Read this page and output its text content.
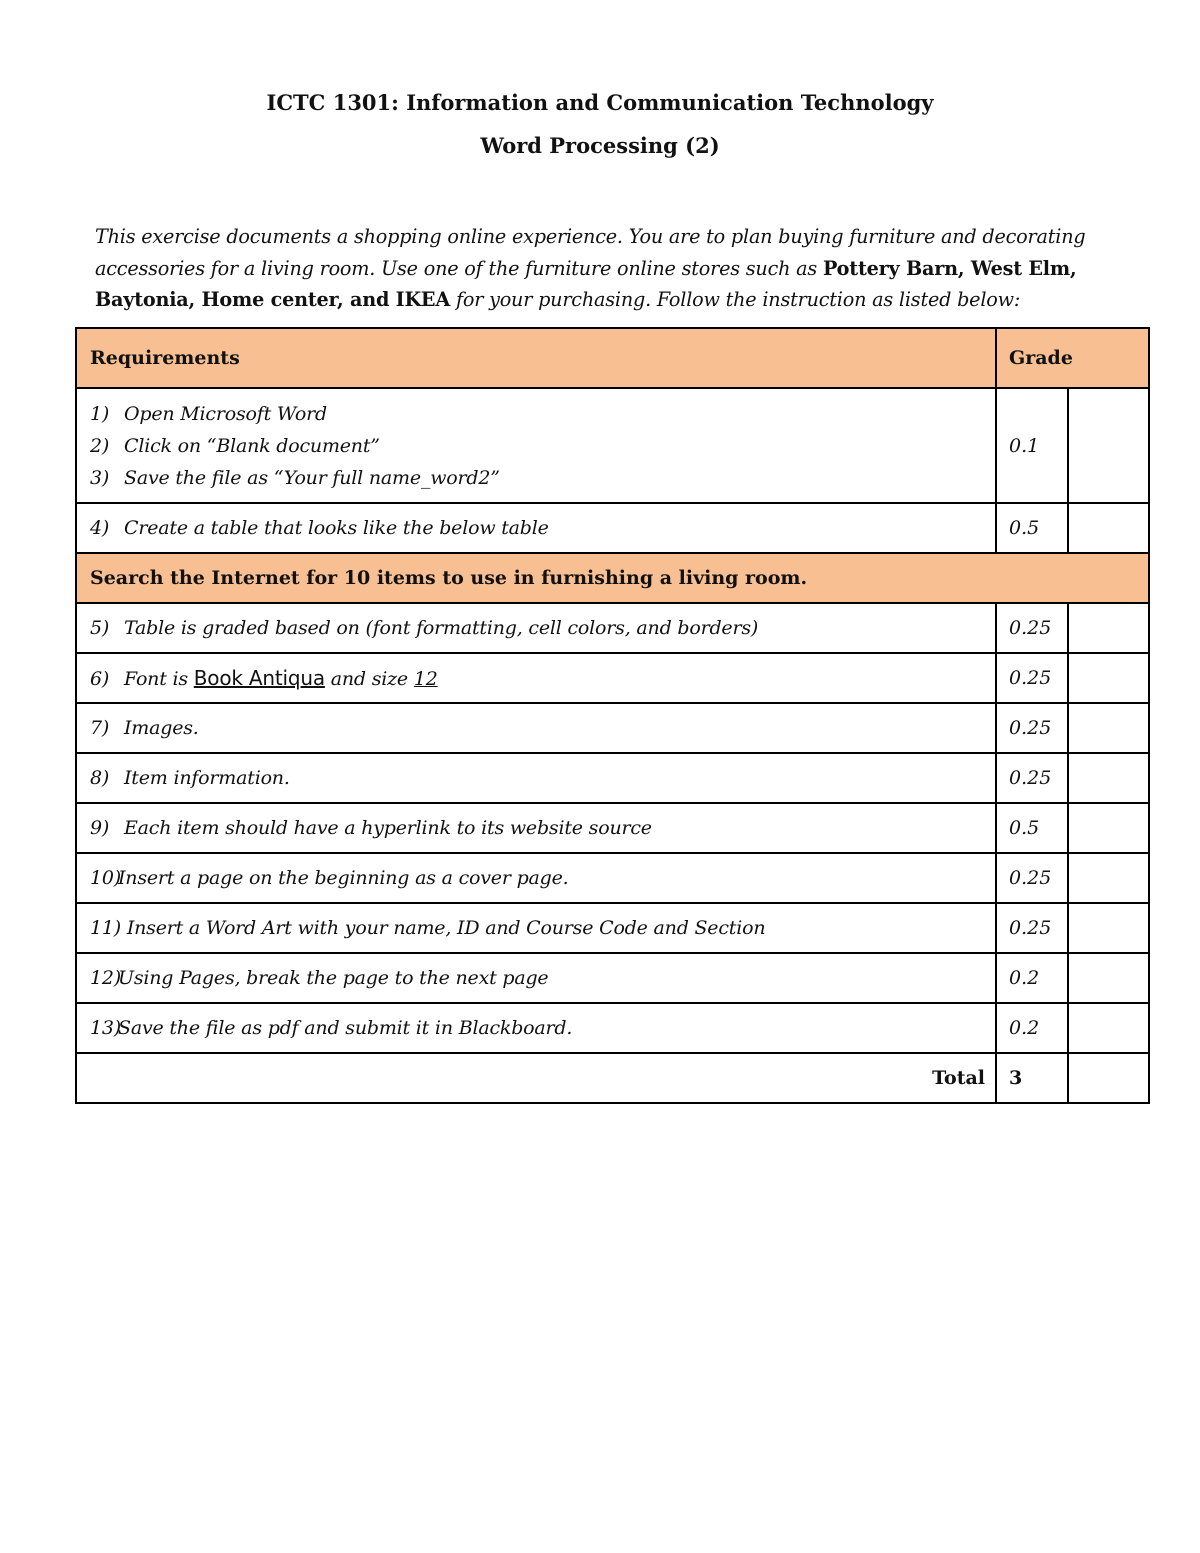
ICTC 1301: Information and Communication Technology
Word Processing (2)
This exercise documents a shopping online experience. You are to plan buying furniture and decorating accessories for a living room. Use one of the furniture online stores such as Pottery Barn, West Elm, Baytonia, Home center, and IKEA for your purchasing. Follow the instruction as listed below:
Requirements	Grade	

1) Open Microsoft Word
2) Click on “Blank document”
3) Save the file as “Your full name_word2”	0.1	
4) Create a table that looks like the below table	0.5	
Search the Internet for 10 items to use in furnishing a living room.		
5) Table is graded based on (font formatting, cell colors, and borders)	0.25	
6) Font is Book Antiqua and size 12	0.25	
7) Images.	0.25	
8) Item information.	0.25	
9) Each item should have a hyperlink to its website source	0.5	
10)Insert a page on the beginning as a cover page.	0.25	
11) Insert a Word Art with your name, ID and Course Code and Section	0.25	
12)Using Pages, break the page to the next page	0.2	
13)Save the file as pdf and submit it in Blackboard.	0.2	
Total	3	
